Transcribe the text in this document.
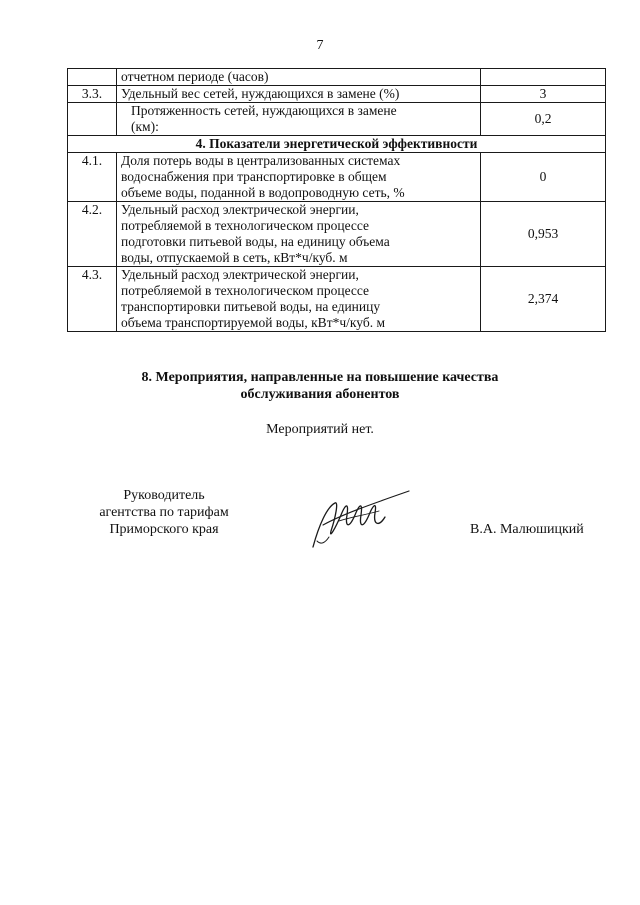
7

	отчетном периоде (часов)	

3.3.	Удельный вес сетей, нуждающихся в замене (%)	3

	Протяженность сетей, нуждающихся в замене
(км):	0,2
4. Показатели энергетической эффективности		
4.1.	Доля потерь воды в централизованных системах
водоснабжения при транспортировке в общем
объеме воды, поданной в водопроводную сеть, %	0
4.2.	Удельный расход электрической энергии,
потребляемой в технологическом процессе
подготовки питьевой воды, на единицу объема
воды, отпускаемой в сеть, кВт*ч/куб. м	0,953
4.3.	Удельный расход электрической энергии,
потребляемой в технологическом процессе
транспортировки питьевой воды, на единицу
объема транспортируемой воды, кВт*ч/куб. м	2,374
8. Мероприятия, направленные на повышение качества
обслуживания абонентов
Мероприятий нет.
Руководитель
агентства по тарифам
Приморского края	В.А. Малюшицкий
